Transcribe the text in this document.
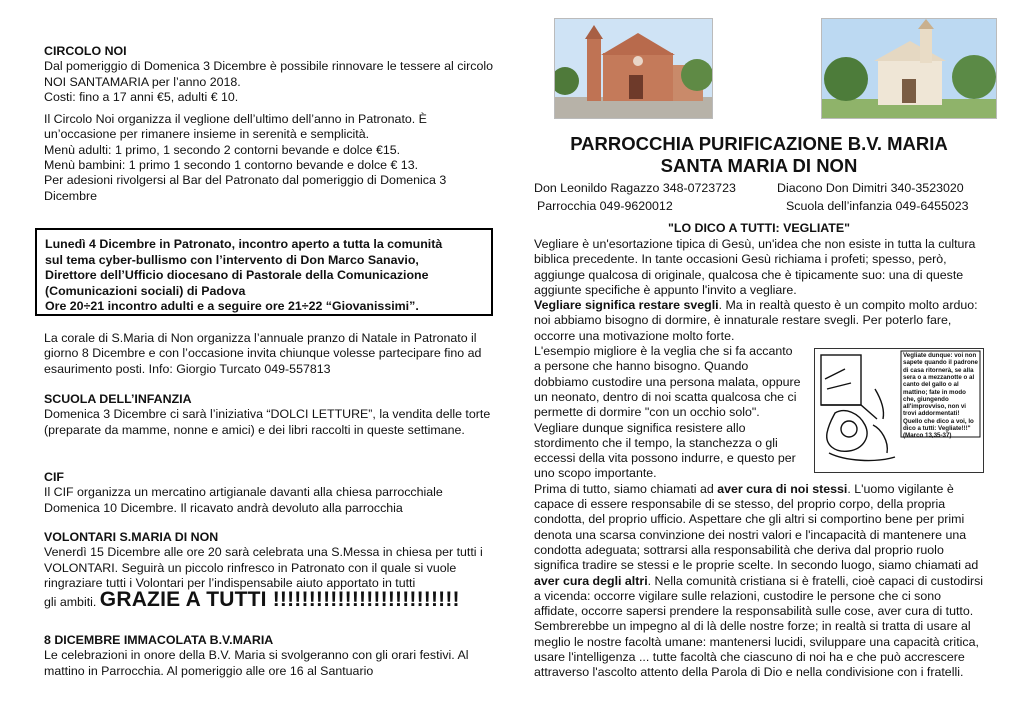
CIRCOLO NOI

Dal pomeriggio di Domenica 3 Dicembre è possibile rinnovare le tessere al circolo NOI SANTAMARIA per l’anno 2018.

Costi: fino a 17 anni €5, adulti € 10.

Il Circolo Noi organizza il veglione dell’ultimo dell’anno in Patronato. È un’occasione per rimanere insieme in serenità e semplicità.

Menù adulti: 1 primo, 1 secondo 2 contorni bevande e dolce €15.

Menù bambini: 1 primo 1 secondo 1 contorno bevande e dolce € 13.

Per adesioni rivolgersi al Bar del Patronato dal pomeriggio di Domenica 3 Dicembre

Lunedì 4 Dicembre in Patronato, incontro aperto a tutta la comunità

sul tema cyber-bullismo con l’intervento di Don Marco Sanavio,

Direttore dell’Ufficio diocesano di Pastorale della Comunicazione

(Comunicazioni sociali) di Padova

Ore 20÷21 incontro adulti e a seguire ore 21÷22 “Giovanissimi”.

La corale di S.Maria di Non organizza l’annuale pranzo di Natale in Patronato il giorno 8 Dicembre e con l’occasione invita chiunque volesse partecipare fino ad esaurimento posti. Info: Giorgio Turcato 049-557813

SCUOLA DELL’INFANZIA

Domenica 3 Dicembre ci sarà l’iniziativa “DOLCI LETTURE”, la vendita delle torte (preparate da mamme, nonne e amici) e dei libri raccolti in queste settimane.

CIF

Il CIF organizza un mercatino artigianale davanti alla chiesa parrocchiale Domenica 10 Dicembre. Il ricavato andrà devoluto alla parrocchia

VOLONTARI S.MARIA DI NON

Venerdì 15 Dicembre alle ore 20 sarà celebrata una S.Messa in chiesa per tutti i VOLONTARI. Seguirà un piccolo rinfresco in Patronato con il quale si vuole ringraziare tutti i Volontari per l’indispensabile aiuto apportato in tutti

gli ambiti. GRAZIE A TUTTI !!!!!!!!!!!!!!!!!!!!!!!!!!

8 DICEMBRE IMMACOLATA B.V.MARIA

Le celebrazioni in onore della B.V. Maria si svolgeranno con gli orari festivi. Al mattino in Parrocchia. Al pomeriggio alle ore 16 al Santuario

PARROCCHIA PURIFICAZIONE B.V. MARIA
SANTA MARIA DI NON
Don Leonildo Ragazzo 348-0723723	Diacono Don Dimitri 340-3523020
Parrocchia 049-9620012	Scuola dell’infanzia 049-6455023
"LO DICO A TUTTI: VEGLIATE"

Vegliare è un'esortazione tipica di Gesù, un'idea che non esiste in tutta la cultura biblica precedente. In tante occasioni Gesù richiama i profeti; spesso, però, aggiunge qualcosa di originale, qualcosa che è tipicamente suo: una di queste aggiunte specifiche è appunto l'invito a vegliare.

Vegliare significa restare svegli. Ma in realtà questo è un compito molto arduo: noi abbiamo bisogno di dormire, è innaturale restare svegli. Per poterlo fare, occorre una motivazione molto forte.

Vegliate dunque: voi non sapete quando il padrone di casa ritornerà, se alla sera o a mezzanotte o al canto del gallo o al mattino; fate in modo che, giungendo all'improvviso, non vi trovi addormentati! Quello che dico a voi, lo dico a tutti: Vegliate!!!" (Marco 13,35-37)

L'esempio migliore è la veglia che si fa accanto a persone che hanno bisogno. Quando dobbiamo custodire una persona malata, oppure un neonato, dentro di noi scatta qualcosa che ci permette di dormire "con un occhio solo". Vegliare dunque significa resistere allo stordimento che il tempo, la stanchezza o gli eccessi della vita possono indurre, e questo per uno scopo importante.

Prima di tutto, siamo chiamati ad aver cura di noi stessi. L'uomo vigilante è capace di essere responsabile di se stesso, del proprio corpo, della propria condotta, del proprio ufficio. Aspettare che gli altri si comportino bene per primi denota una scarsa convinzione dei nostri valori e l'incapacità di mantenere una condotta adeguata; sottrarsi alla responsabilità che deriva dal proprio ruolo significa tradire se stessi e le proprie scelte. In secondo luogo, siamo chiamati ad aver cura degli altri. Nella comunità cristiana si è fratelli, cioè capaci di custodirsi a vicenda: occorre vigilare sulle relazioni, custodire le persone che ci sono affidate, occorre sapersi prendere la responsabilità sulle cose, aver cura di tutto. Sembrerebbe un impegno al di là delle nostre forze; in realtà si tratta di usare al meglio le nostre facoltà umane: mantenersi lucidi, sviluppare una capacità critica, usare l'intelligenza ... tutte facoltà che ciascuno di noi ha e che può accrescere attraverso l'ascolto attento della Parola di Dio e nella condivisione con i fratelli.
